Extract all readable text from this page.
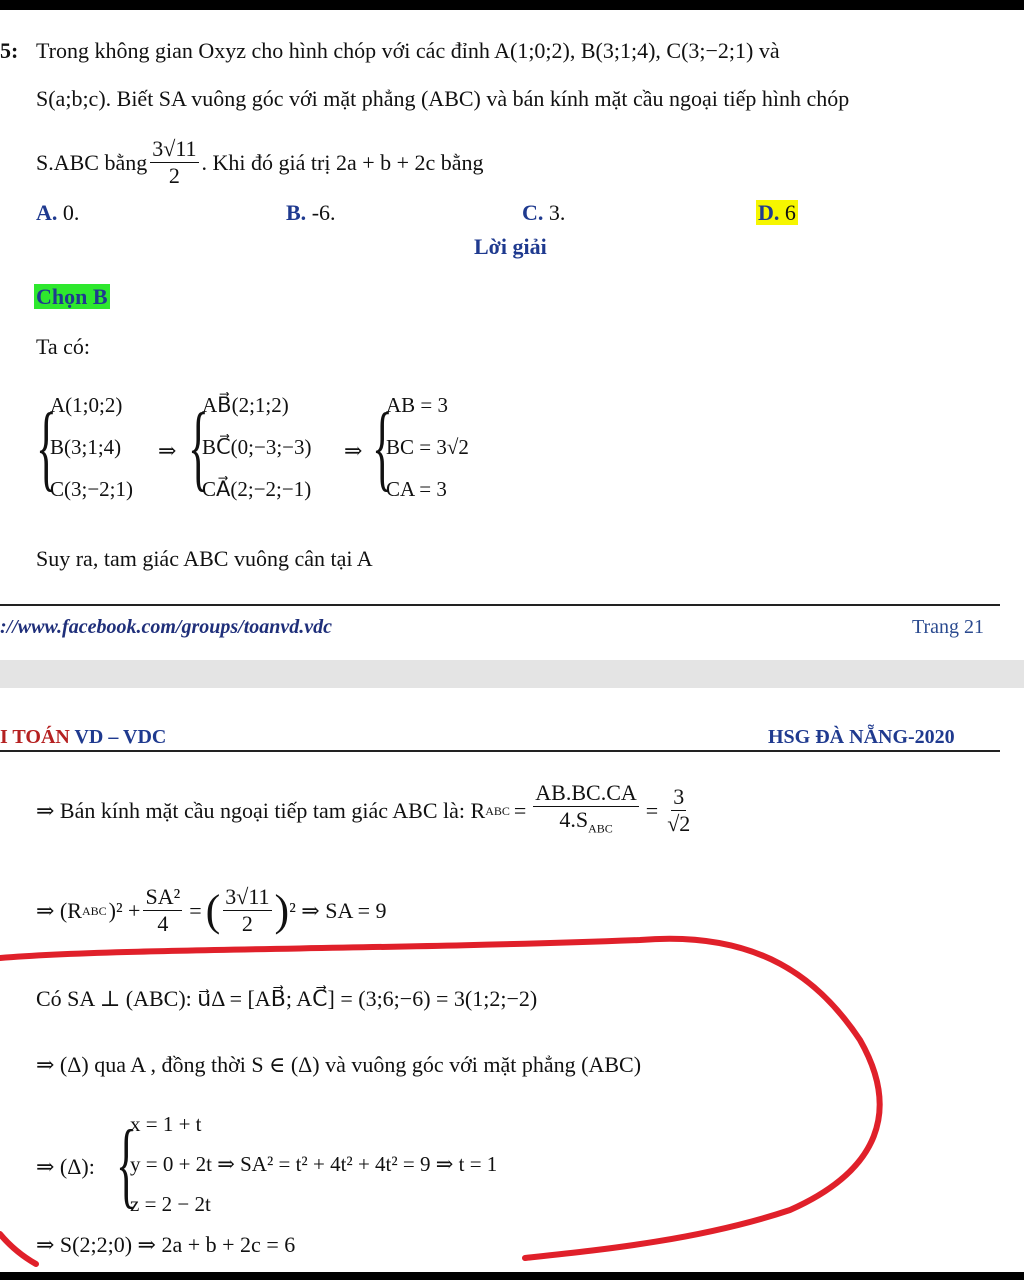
5: Trong không gian Oxyz cho hình chóp với các đỉnh A(1;0;2), B(3;1;4), C(3;−2;1) và
S(a;b;c). Biết SA vuông góc với mặt phẳng (ABC) và bán kính mặt cầu ngoại tiếp hình chóp
S.ABC bằng $\frac{3√11}{2}$ . Khi đó giá trị 2a + b + 2c bằng
A. 0.	B. -6.	C. 3.	D. 6
Lời giải
Chọn B
Ta có:
{
A(1;0;2)
B(3;1;4)
C(3;−2;1)
⇒ {
AB⃗(2;1;2)
BC⃗(0;−3;−3)
CA⃗(2;−2;−1)
⇒ {
AB = 3
BC = 3√2
CA = 3
Suy ra, tam giác ABC vuông cân tại A
://www.facebook.com/groups/toanvd.vdc	Trang 21
I TOÁN VD – VDC	HSG ĐÀ NẴNG-2020
⇒ Bán kính mặt cầu ngoại tiếp tam giác ABC là: R ABC = $\frac{AB.BC.CA}{4.S_{ABC}} = \frac{3}{√2}$
⇒ (R ABC )$^2 + \frac{\text{SA²}}{4}$ = ( $\frac{3√11}{2}$ ) ² ⇒ SA = 9
Có SA ⊥ (ABC): u⃗Δ = [AB⃗; AC⃗] = (3;6;−6) = 3(1;2;−2)
⇒ (Δ) qua A , đồng thời S ∈ (Δ) và vuông góc với mặt phẳng (ABC)
⇒ (Δ): {
x = 1 + t
y = 0 + 2t ⇒ SA² = t² + 4t² + 4t² = 9 ⇒ t = 1
z = 2 − 2t
⇒ S(2;2;0) ⇒ 2a + b + 2c = 6
